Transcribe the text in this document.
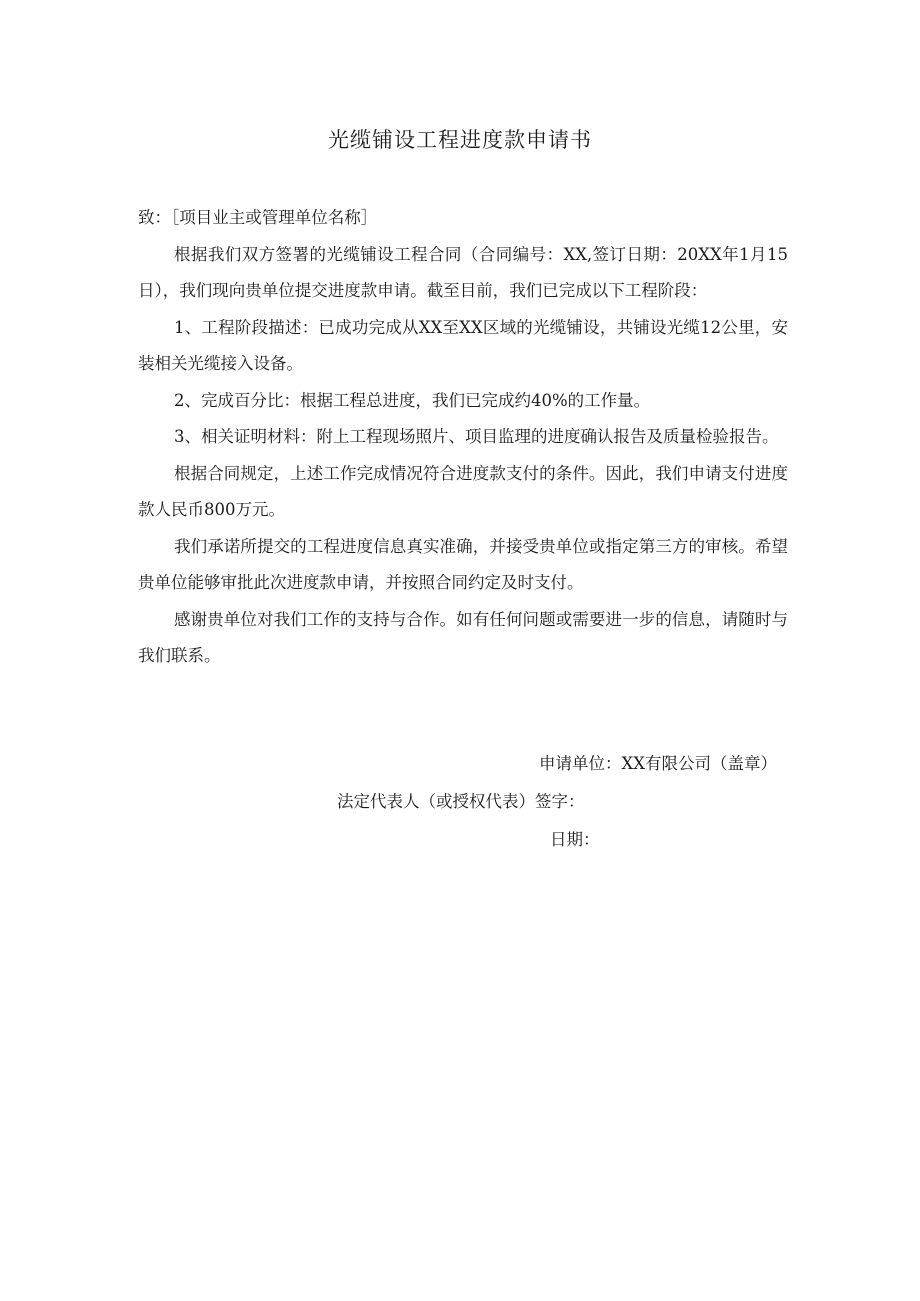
光缆铺设工程进度款申请书

致：［项目业主或管理单位名称］

根据我们双方签署的光缆铺设工程合同（合同编号：XX,签订日期：20XX年1月15日），我们现向贵单位提交进度款申请。截至目前，我们已完成以下工程阶段：

1、工程阶段描述：已成功完成从XX至XX区域的光缆铺设，共铺设光缆12公里，安装相关光缆接入设备。

2、完成百分比：根据工程总进度，我们已完成约40%的工作量。

3、相关证明材料：附上工程现场照片、项目监理的进度确认报告及质量检验报告。

根据合同规定，上述工作完成情况符合进度款支付的条件。因此，我们申请支付进度款人民币800万元。

我们承诺所提交的工程进度信息真实准确，并接受贵单位或指定第三方的审核。希望贵单位能够审批此次进度款申请，并按照合同约定及时支付。

感谢贵单位对我们工作的支持与合作。如有任何问题或需要进一步的信息，请随时与我们联系。

申请单位：XX有限公司（盖章）
法定代表人（或授权代表）签字：
日期：
